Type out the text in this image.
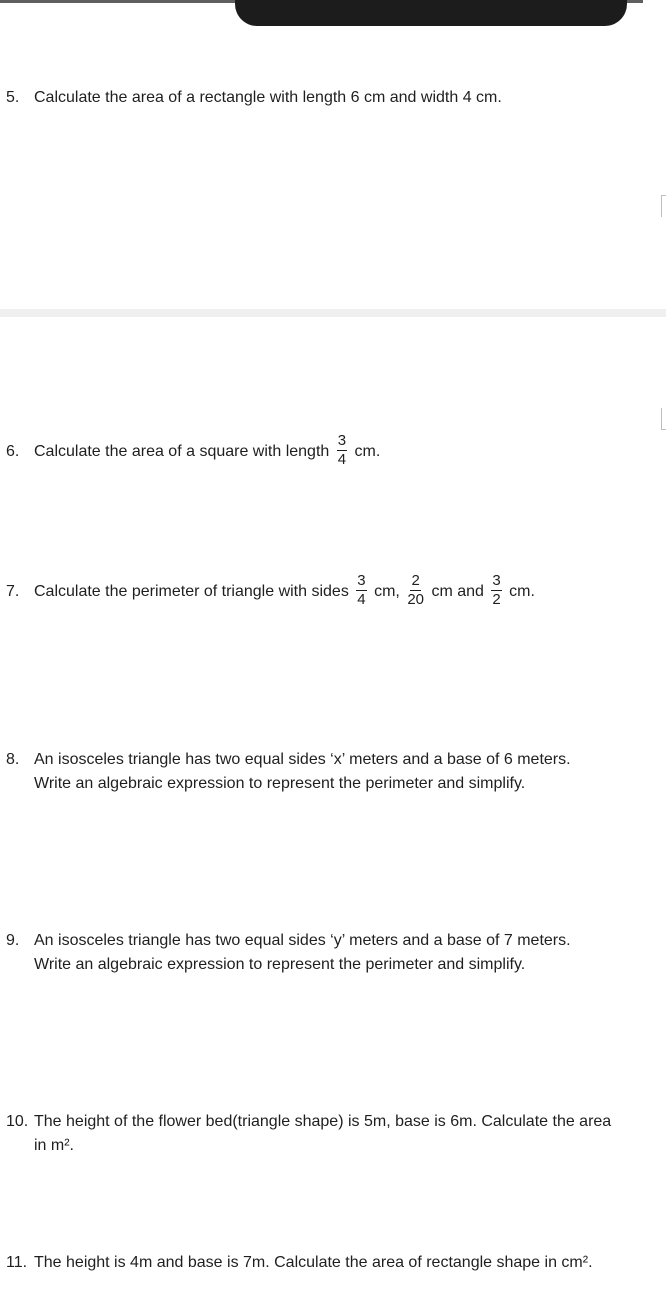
5. Calculate the area of a rectangle with length 6 cm and width 4 cm.
6. Calculate the area of a square with length $\frac{3}{4}$ cm.
7. Calculate the perimeter of triangle with sides $\frac{3}{4}$ cm, $\frac{2}{20}$ cm and $\frac{3}{2}$ cm.
8. An isosceles triangle has two equal sides ‘x’ meters and a base of 6 meters.
Write an algebraic expression to represent the perimeter and simplify.
9. An isosceles triangle has two equal sides ‘y’ meters and a base of 7 meters.
Write an algebraic expression to represent the perimeter and simplify.
10. The height of the flower bed(triangle shape) is 5m, base is 6m. Calculate the area
in m².
11. The height is 4m and base is 7m. Calculate the area of rectangle shape in cm².
